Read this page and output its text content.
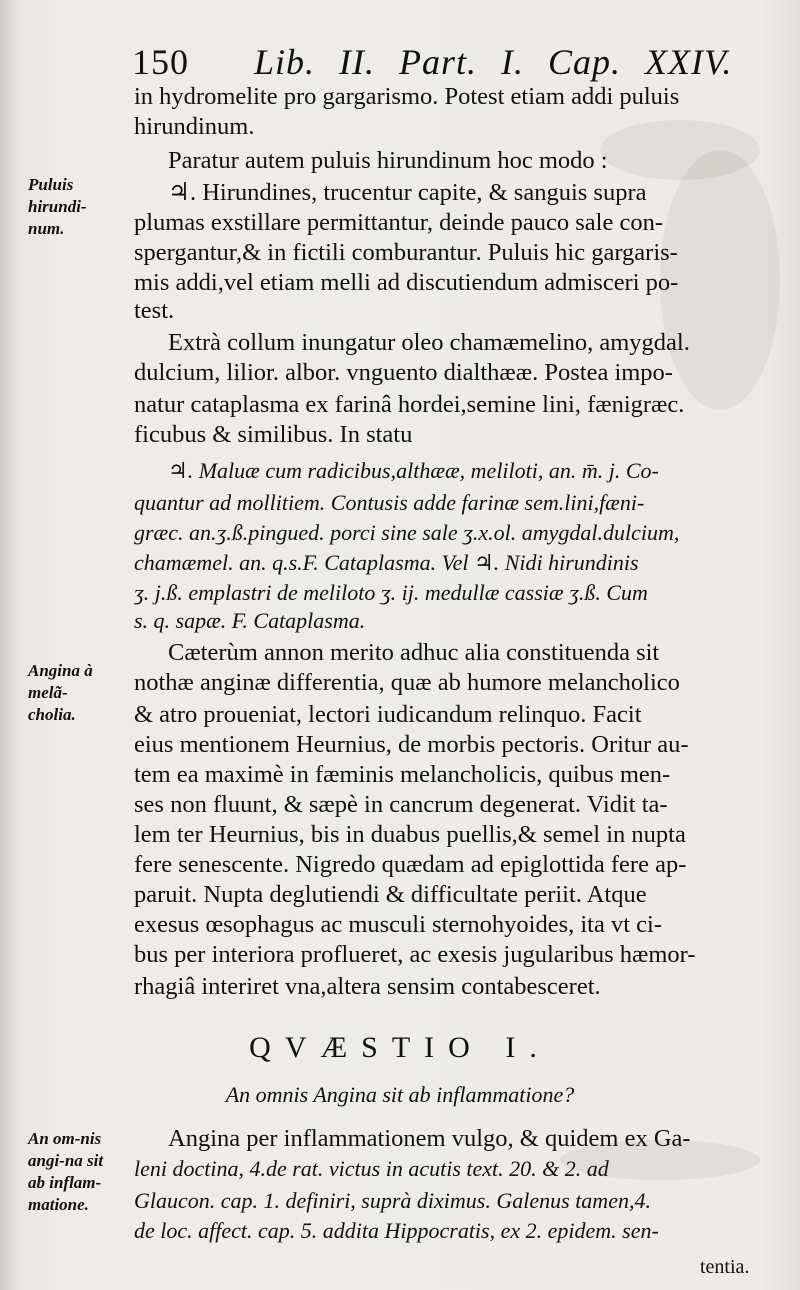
150 Lib. II. Part. I. Cap. XXIV.
Puluis hirundi-num.
Angina à melã-cholia.
An om-nis angi-na sit ab inflam-matione.
in hydromelite pro gargarismo. Potest etiam addi puluis
hirundinum.
Paratur autem puluis hirundinum hoc modo :
♃. Hirundines, trucentur capite, & sanguis supra
plumas exstillare permittantur, deinde pauco sale con-
spergantur,& in fictili comburantur. Puluis hic gargaris-
mis addi,vel etiam melli ad discutiendum admisceri po-
test.
Extrà collum inungatur oleo chamæmelino, amygdal.
dulcium, lilior. albor. vnguento dialthææ. Postea impo-
natur cataplasma ex farinâ hordei,semine lini, fænigræc.
ficubus & similibus. In statu
♃. Maluæ cum radicibus,althææ, meliloti, an. m̄. j. Co-
quantur ad mollitiem. Contusis adde farinæ sem.lini,fæni-
græc. an.ʒ.ß.pingued. porci sine sale ʒ.x.ol. amygdal.dulcium,
chamæmel. an. q.s.F. Cataplasma. Vel ♃. Nidi hirundinis
ʒ. j.ß. emplastri de meliloto ʒ. ij. medullæ cassiæ ʒ.ß. Cum
s. q. sapæ. F. Cataplasma.
Cæterùm annon merito adhuc alia constituenda sit
nothæ anginæ differentia, quæ ab humore melancholico
& atro proueniat, lectori iudicandum relinquo. Facit
eius mentionem Heurnius, de morbis pectoris. Oritur au-
tem ea maximè in fæminis melancholicis, quibus men-
ses non fluunt, & sæpè in cancrum degenerat. Vidit ta-
lem ter Heurnius, bis in duabus puellis,& semel in nupta
fere senescente. Nigredo quædam ad epiglottida fere ap-
paruit. Nupta deglutiendi & difficultate periit. Atque
exesus œsophagus ac musculi sternohyoides, ita vt ci-
bus per interiora proflueret, ac exesis jugularibus hæmor-
rhagiâ interiret vna,altera sensim contabesceret.
QVÆSTIO I.
An omnis Angina sit ab inflammatione?
Angina per inflammationem vulgo, & quidem ex Ga-
leni doctina, 4.de rat. victus in acutis text. 20. & 2. ad
Glaucon. cap. 1. definiri, suprà diximus. Galenus tamen,4.
de loc. affect. cap. 5. addita Hippocratis, ex 2. epidem. sen-
tentia.
